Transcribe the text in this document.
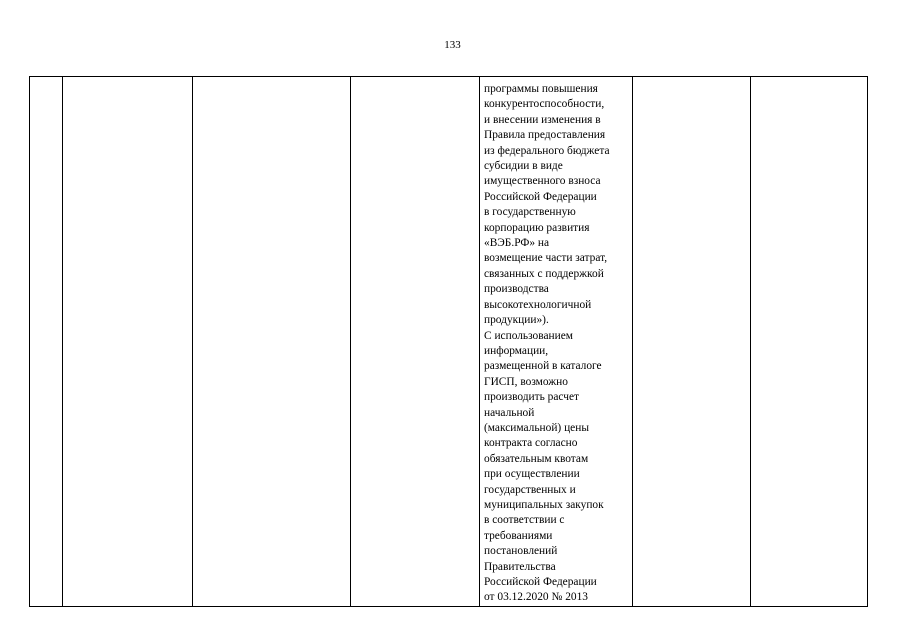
133

программы повышения
конкурентоспособности,
и внесении изменения в
Правила предоставления
из федерального бюджета
субсидии в виде
имущественного взноса
Российской Федерации
в государственную
корпорацию развития
«ВЭБ.РФ» на
возмещение части затрат,
связанных с поддержкой
производства
высокотехнологичной
продукции»).
С использованием
информации,
размещенной в каталоге
ГИСП, возможно
производить расчет
начальной
(максимальной) цены
контракта согласно
обязательным квотам
при осуществлении
государственных и
муниципальных закупок
в соответствии с
требованиями
постановлений
Правительства
Российской Федерации
от 03.12.2020 № 2013
